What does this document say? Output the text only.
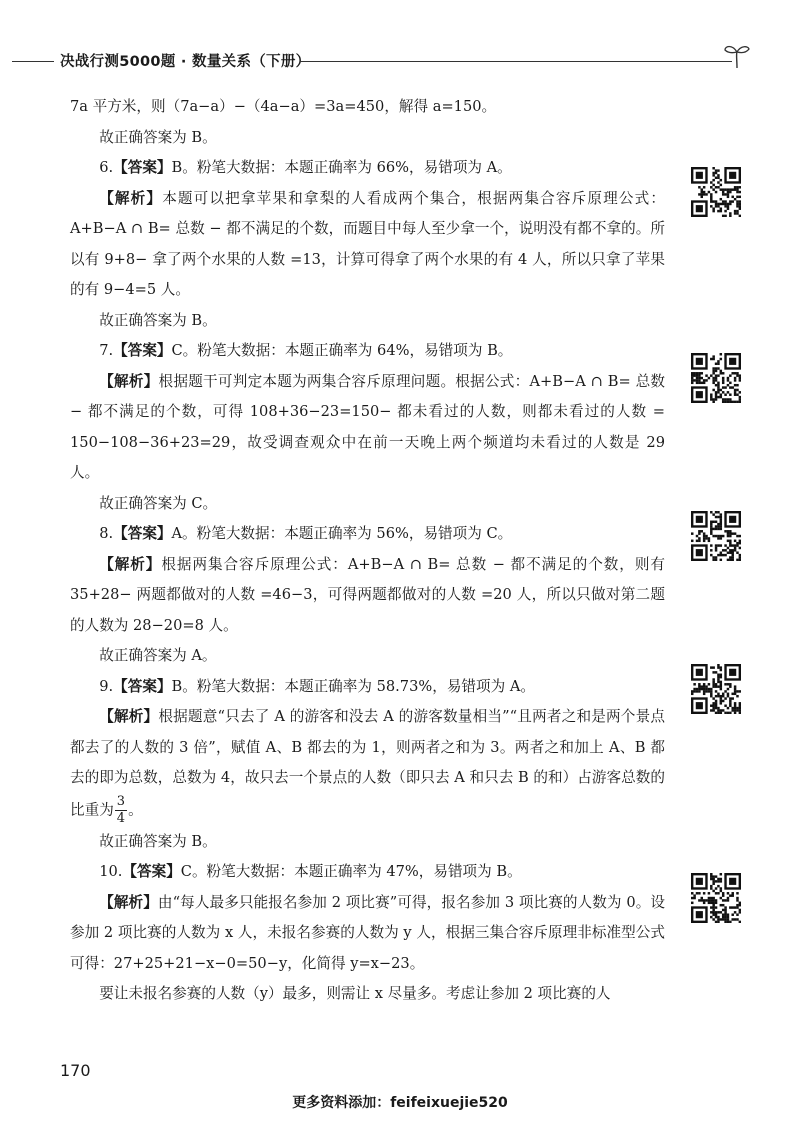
决战行测5000题 · 数量关系（下册）

7a 平方米，则（7a−a）−（4a−a）=3a=450，解得 a=150。

故正确答案为 B。

6.【答案】B。粉笔大数据：本题正确率为 66%，易错项为 A。

【解析】本题可以把拿苹果和拿梨的人看成两个集合，根据两集合容斥原理公式：A+B−A ∩ B= 总数 − 都不满足的个数，而题目中每人至少拿一个，说明没有都不拿的。所以有 9+8− 拿了两个水果的人数 =13，计算可得拿了两个水果的有 4 人，所以只拿了苹果的有 9−4=5 人。

故正确答案为 B。

7.【答案】C。粉笔大数据：本题正确率为 64%，易错项为 B。

【解析】根据题干可判定本题为两集合容斥原理问题。根据公式：A+B−A ∩ B= 总数 − 都不满足的个数，可得 108+36−23=150− 都未看过的人数，则都未看过的人数 = 150−108−36+23=29，故受调查观众中在前一天晚上两个频道均未看过的人数是 29 人。

故正确答案为 C。

8.【答案】A。粉笔大数据：本题正确率为 56%，易错项为 C。

【解析】根据两集合容斥原理公式：A+B−A ∩ B= 总数 − 都不满足的个数，则有 35+28− 两题都做对的人数 =46−3，可得两题都做对的人数 =20 人，所以只做对第二题的人数为 28−20=8 人。

故正确答案为 A。

9.【答案】B。粉笔大数据：本题正确率为 58.73%，易错项为 A。

【解析】根据题意“只去了 A 的游客和没去 A 的游客数量相当”“且两者之和是两个景点都去了的人数的 3 倍”，赋值 A、B 都去的为 1，则两者之和为 3。两者之和加上 A、B 都去的即为总数，总数为 4，故只去一个景点的人数（即只去 A 和只去 B 的和）占游客总数的比重为 $\frac{3}{4}$ 。

故正确答案为 B。

10.【答案】C。粉笔大数据：本题正确率为 47%，易错项为 B。

【解析】由“每人最多只能报名参加 2 项比赛”可得，报名参加 3 项比赛的人数为 0。设参加 2 项比赛的人数为 x 人，未报名参赛的人数为 y 人，根据三集合容斥原理非标准型公式可得：27+25+21−x−0=50−y，化简得 y=x−23。

要让未报名参赛的人数（y）最多，则需让 x 尽量多。考虑让参加 2 项比赛的人

170
更多资料添加：feifeixuejie520
